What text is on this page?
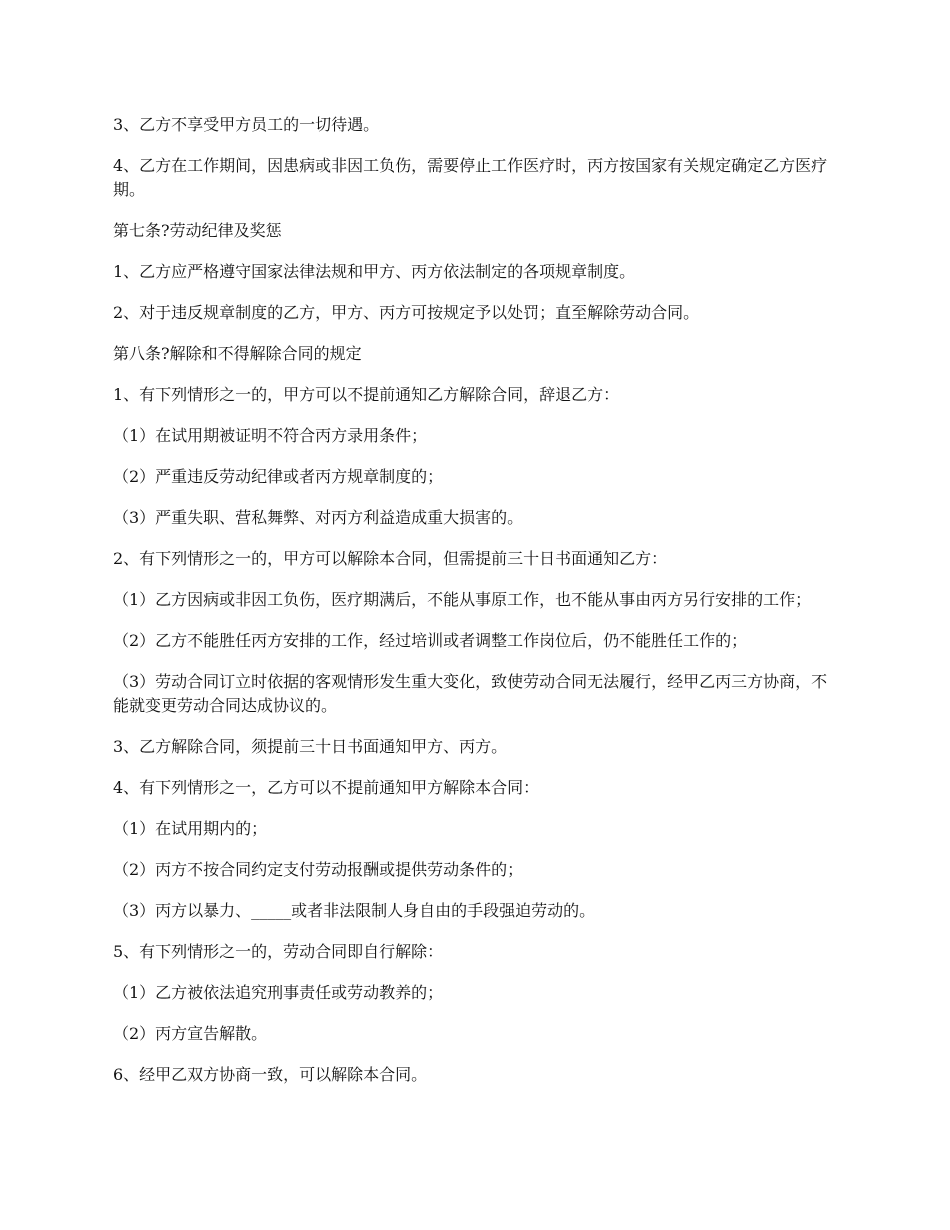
3、乙方不享受甲方员工的一切待遇。

4、乙方在工作期间，因患病或非因工负伤，需要停止工作医疗时，丙方按国家有关规定确定乙方医疗期。

第七条?劳动纪律及奖惩

1、乙方应严格遵守国家法律法规和甲方、丙方依法制定的各项规章制度。

2、对于违反规章制度的乙方，甲方、丙方可按规定予以处罚；直至解除劳动合同。

第八条?解除和不得解除合同的规定

1、有下列情形之一的，甲方可以不提前通知乙方解除合同，辞退乙方：

（1）在试用期被证明不符合丙方录用条件；

（2）严重违反劳动纪律或者丙方规章制度的；

（3）严重失职、营私舞弊、对丙方利益造成重大损害的。

2、有下列情形之一的，甲方可以解除本合同，但需提前三十日书面通知乙方：

（1）乙方因病或非因工负伤，医疗期满后，不能从事原工作，也不能从事由丙方另行安排的工作；

（2）乙方不能胜任丙方安排的工作，经过培训或者调整工作岗位后，仍不能胜任工作的；

（3）劳动合同订立时依据的客观情形发生重大变化，致使劳动合同无法履行，经甲乙丙三方协商，不能就变更劳动合同达成协议的。

3、乙方解除合同，须提前三十日书面通知甲方、丙方。

4、有下列情形之一，乙方可以不提前通知甲方解除本合同：

（1）在试用期内的；

（2）丙方不按合同约定支付劳动报酬或提供劳动条件的；

（3）丙方以暴力、_____或者非法限制人身自由的手段强迫劳动的。

5、有下列情形之一的，劳动合同即自行解除：

（1）乙方被依法追究刑事责任或劳动教养的；

（2）丙方宣告解散。

6、经甲乙双方协商一致，可以解除本合同。
